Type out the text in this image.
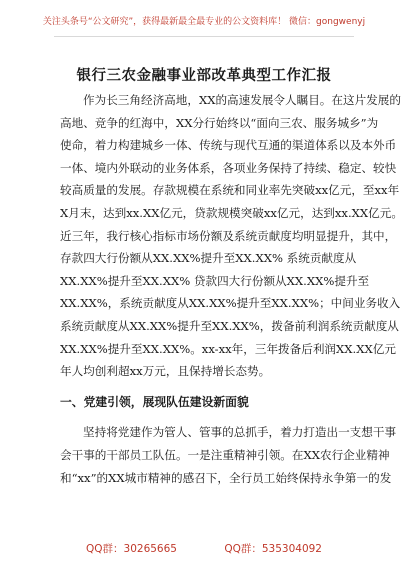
关注头条号“公文研究”，获得最新最全最专业的公文资料库！ 微信：gongwenyj
银行三农金融事业部改革典型工作汇报
作为长三角经济高地，XX的高速发展令人瞩目。在这片发展的
高地、竞争的红海中，XX分行始终以“面向三农、服务城乡”为
使命，着力构建城乡一体、传统与现代互通的渠道体系以及本外币
一体、境内外联动的业务体系，各项业务保持了持续、稳定、较快
较高质量的发展。存款规模在系统和同业率先突破xx亿元，至xx年
X月末，达到xx.XX亿元，贷款规模突破xx亿元，达到xx.XX亿元。
近三年，我行核心指标市场份额及系统贡献度均明显提升，其中，
存款四大行份额从XX.XX%提升至XX.XX% 系统贡献度从
XX.XX%提升至XX.XX% 贷款四大行份额从XX.XX%提升至
XX.XX%，系统贡献度从XX.XX%提升至XX.XX%；中间业务收入
系统贡献度从XX.XX%提升至XX.XX%，拨备前利润系统贡献度从
XX.XX%提升至XX.XX%。xx-xx年，三年拨备后利润XX.XX亿元
年人均创利超xx万元，且保持增长态势。
一、党建引领，展现队伍建设新面貌
坚持将党建作为管人、管事的总抓手，着力打造出一支想干事
会干事的干部员工队伍。一是注重精神引领。在XX农行企业精神
和“xx”的XX城市精神的感召下，全行员工始终保持永争第一的发
QQ群：30265665	QQ群：535304092
